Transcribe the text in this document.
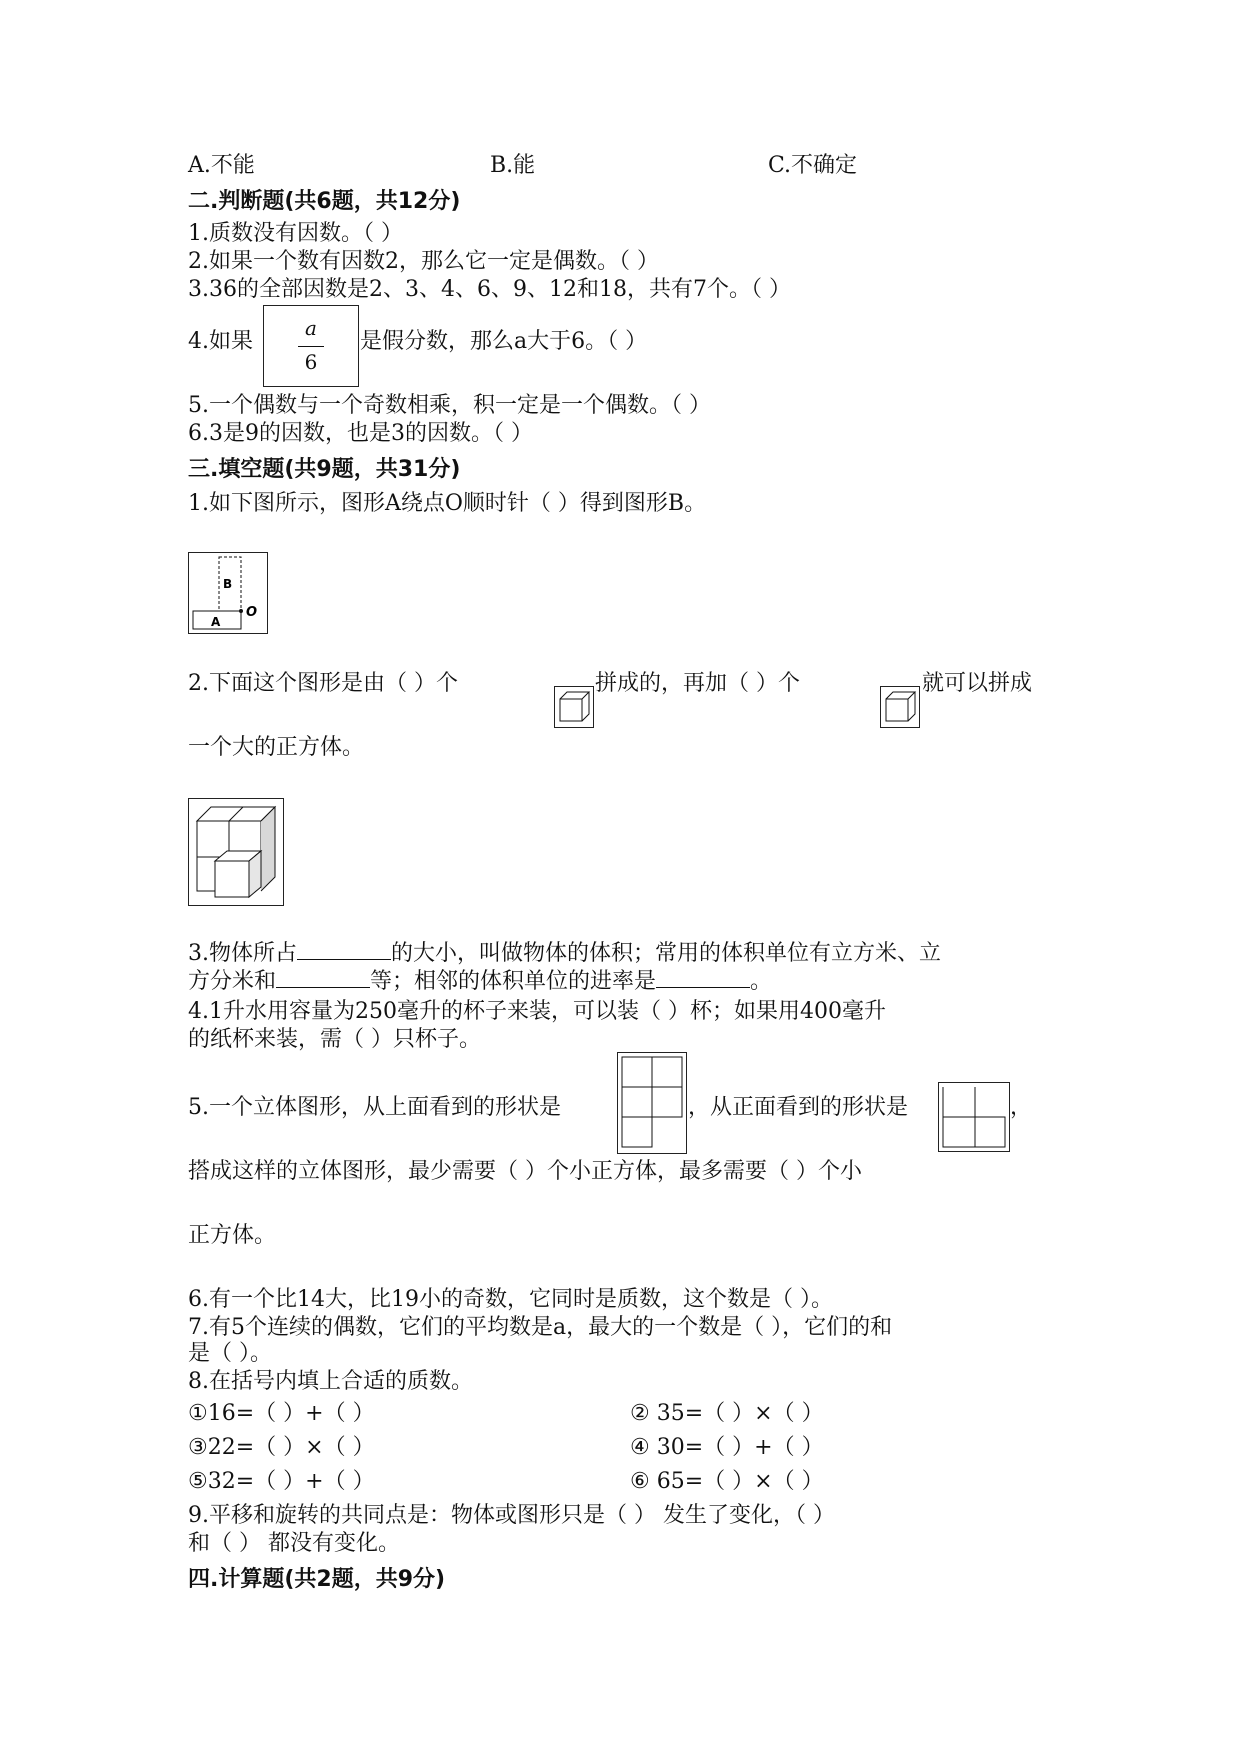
A.不能	B.能	C.不确定
二.判断题(共6题，共12分)
1.质数没有因数。（ ）
2.如果一个数有因数2，那么它一定是偶数。（ ）
3.36的全部因数是2、3、4、6、9、12和18，共有7个。（ ）
4.如果
a
6
是假分数，那么a大于6。（ ）
5.一个偶数与一个奇数相乘，积一定是一个偶数。（ ）
6.3是9的因数，也是3的因数。（ ）
三.填空题(共9题，共31分)
1.如下图所示，图形A绕点O顺时针（ ）得到图形B。
B
A
O
2.下面这个图形是由（ ）个	拼成的，再加（ ）个	就可以拼成
一个大的正方体。
3.物体所占	的大小，叫做物体的体积；常用的体积单位有立方米、立
方分米和	等；相邻的体积单位的进率是	。
4.1升水用容量为250毫升的杯子来装，可以装（ ）杯；如果用400毫升
的纸杯来装，需（ ）只杯子。
5.一个立体图形，从上面看到的形状是	，从正面看到的形状是	，
搭成这样的立体图形，最少需要（ ）个小正方体，最多需要（ ）个小
正方体。
6.有一个比14大，比19小的奇数，它同时是质数，这个数是（ ）。
7.有5个连续的偶数，它们的平均数是a，最大的一个数是（ ），它们的和
是（ ）。
8.在括号内填上合适的质数。
①16=（ ）+（ ）	② 35=（ ）×（ ）
③22=（ ）×（ ）	④ 30=（ ）+（ ）
⑤32=（ ）+（ ）	⑥ 65=（ ）×（ ）
9.平移和旋转的共同点是：物体或图形只是（ ） 发生了变化，（ ）
和（ ） 都没有变化。
四.计算题(共2题，共9分)
